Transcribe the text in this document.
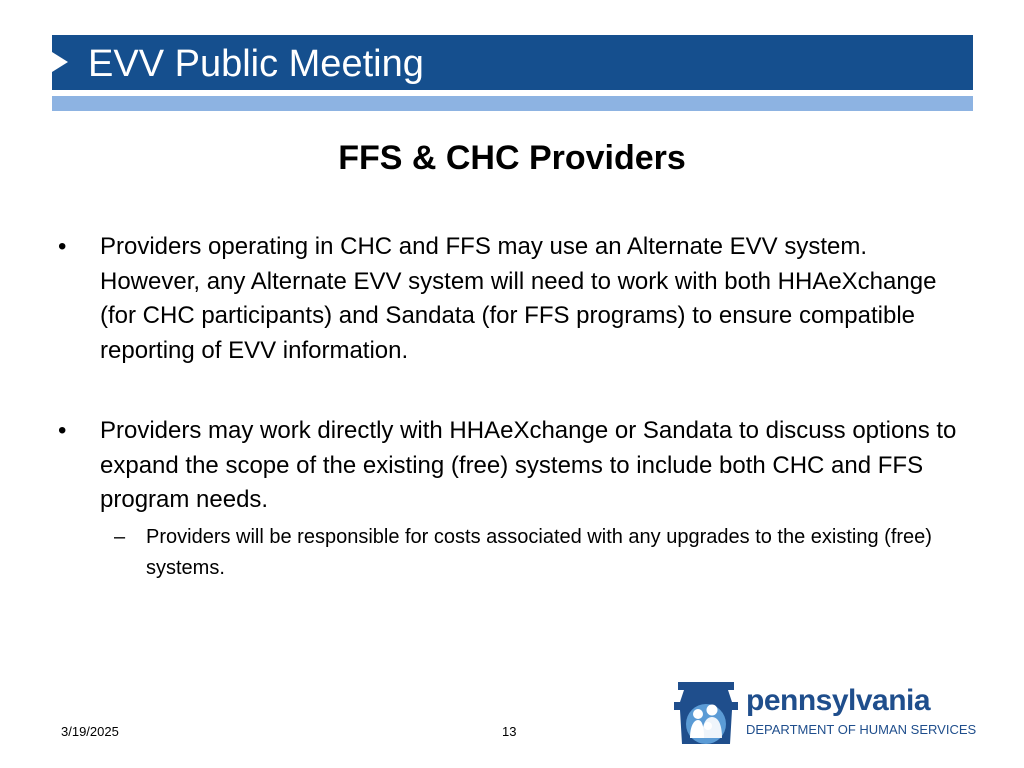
EVV Public Meeting
FFS & CHC Providers
• Providers operating in CHC and FFS may use an Alternate EVV system. However, any Alternate EVV system will need to work with both HHAeXchange (for CHC participants) and Sandata (for FFS programs) to ensure compatible reporting of EVV information.
• Providers may work directly with HHAeXchange or Sandata to discuss options to expand the scope of the existing (free) systems to include both CHC and FFS program needs.
– Providers will be responsible for costs associated with any upgrades to the existing (free) systems.
3/19/2025	13
pennsylvania
DEPARTMENT OF HUMAN SERVICES
